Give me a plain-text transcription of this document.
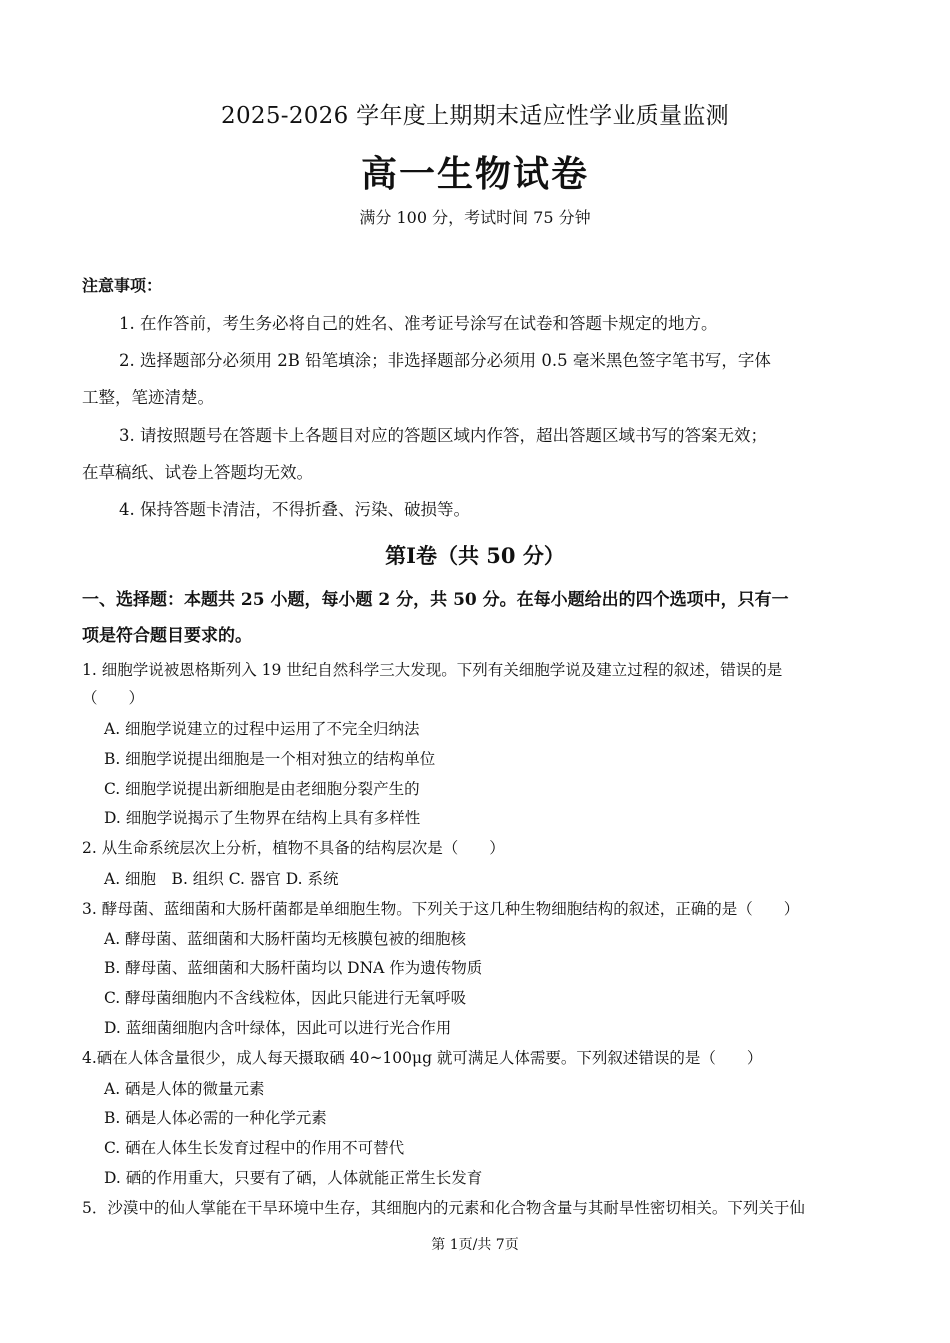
2025-2026 学年度上期期末适应性学业质量监测
高一生物试卷
满分 100 分，考试时间 75 分钟
注意事项：
1. 在作答前，考生务必将自己的姓名、准考证号涂写在试卷和答题卡规定的地方。
2. 选择题部分必须用 2B 铅笔填涂；非选择题部分必须用 0.5 毫米黑色签字笔书写，字体
工整，笔迹清楚。
3. 请按照题号在答题卡上各题目对应的答题区域内作答，超出答题区域书写的答案无效；
在草稿纸、试卷上答题均无效。
4. 保持答题卡清洁，不得折叠、污染、破损等。
第Ⅰ卷（共 50 分）
一、选择题：本题共 25 小题，每小题 2 分，共 50 分。在每小题给出的四个选项中，只有一
项是符合题目要求的。
1. 细胞学说被恩格斯列入 19 世纪自然科学三大发现。下列有关细胞学说及建立过程的叙述，错误的是
（　　）
A. 细胞学说建立的过程中运用了不完全归纳法
B. 细胞学说提出细胞是一个相对独立的结构单位
C. 细胞学说提出新细胞是由老细胞分裂产生的
D. 细胞学说揭示了生物界在结构上具有多样性
2. 从生命系统层次上分析，植物不具备的结构层次是（　　）
A. 细胞　B. 组织 C. 器官 D. 系统
3. 酵母菌、蓝细菌和大肠杆菌都是单细胞生物。下列关于这几种生物细胞结构的叙述，正确的是（　　）
A. 酵母菌、蓝细菌和大肠杆菌均无核膜包被的细胞核
B. 酵母菌、蓝细菌和大肠杆菌均以 DNA 作为遗传物质
C. 酵母菌细胞内不含线粒体，因此只能进行无氧呼吸
D. 蓝细菌细胞内含叶绿体，因此可以进行光合作用
4.硒在人体含量很少，成人每天摄取硒 40~100μg 就可满足人体需要。下列叙述错误的是（　　）
A. 硒是人体的微量元素
B. 硒是人体必需的一种化学元素
C. 硒在人体生长发育过程中的作用不可替代
D. 硒的作用重大，只要有了硒，人体就能正常生长发育
5．沙漠中的仙人掌能在干旱环境中生存，其细胞内的元素和化合物含量与其耐旱性密切相关。下列关于仙
第 1页/共 7页
